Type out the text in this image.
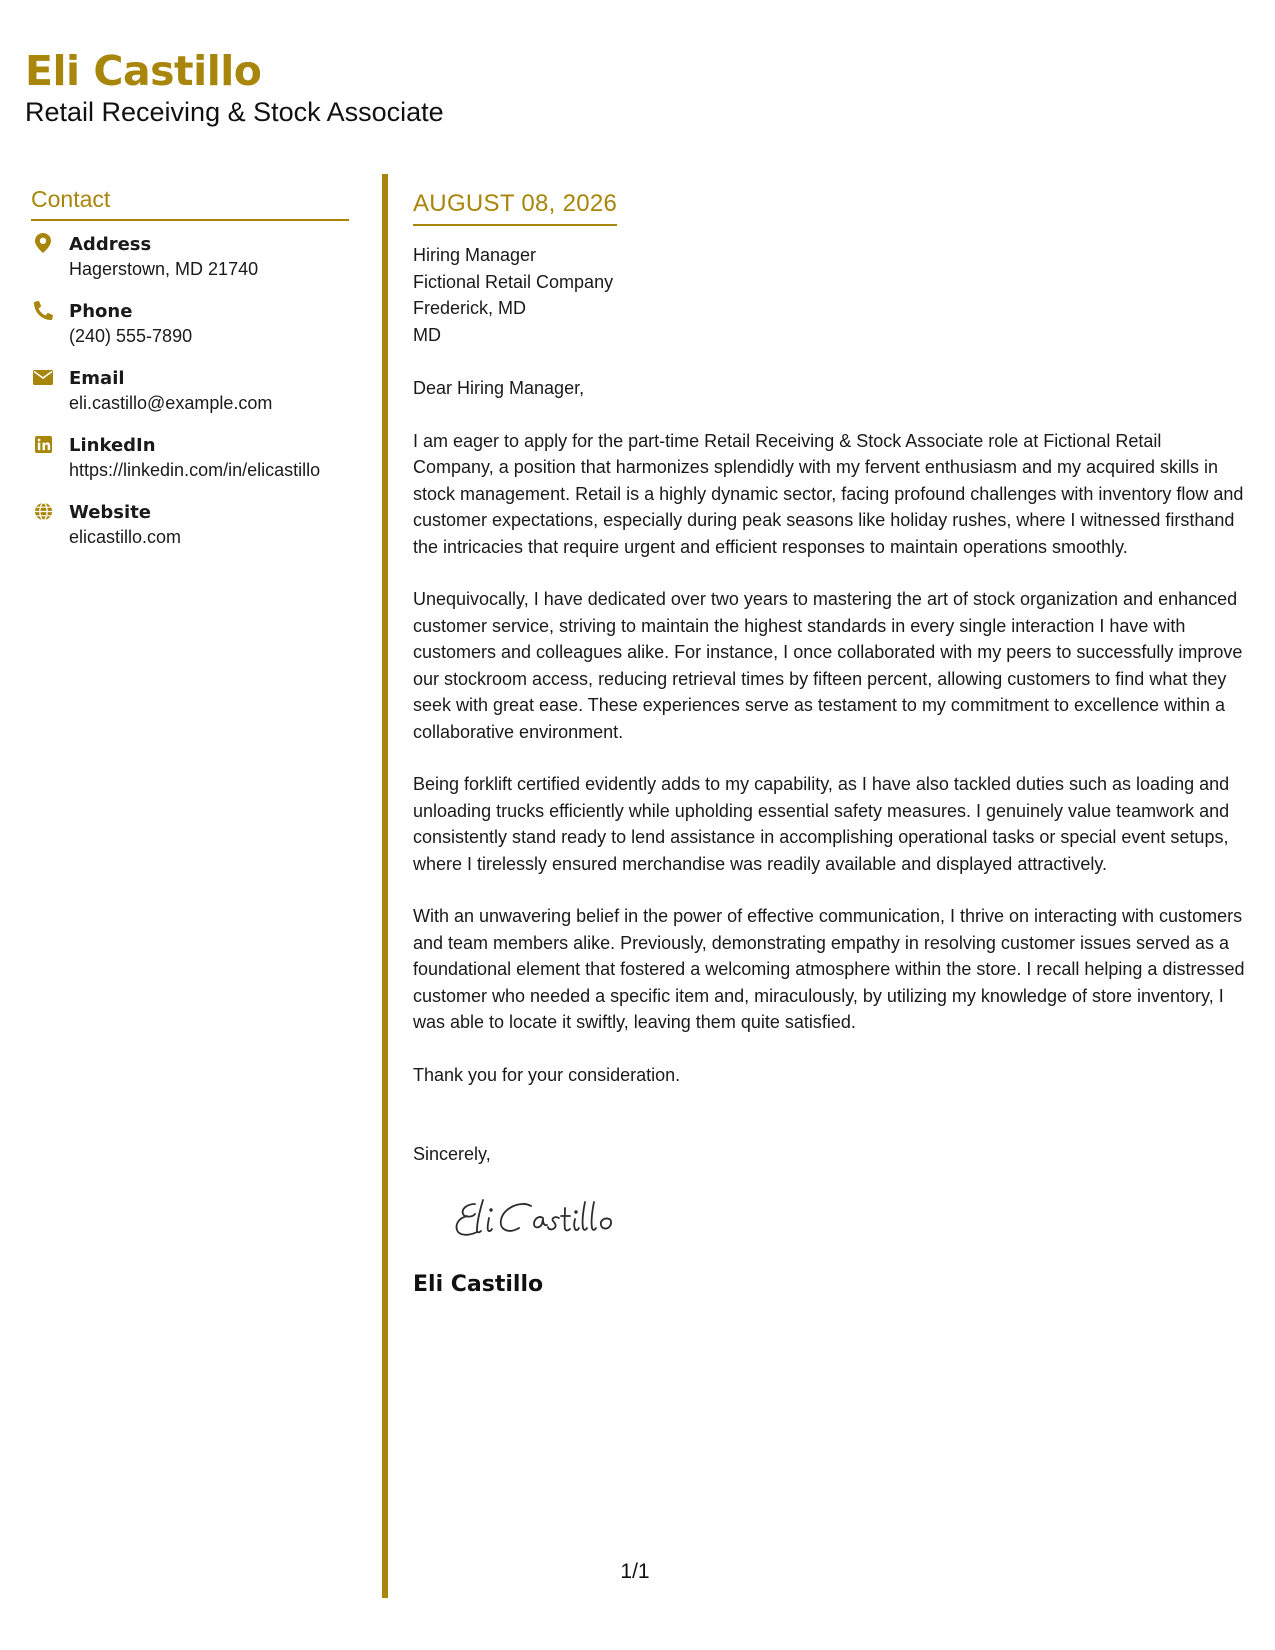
Eli Castillo
Retail Receiving & Stock Associate
Contact
Address
Hagerstown, MD 21740
Phone
(240) 555-7890
Email
eli.castillo@example.com
LinkedIn
https://linkedin.com/in/elicastillo
Website
elicastillo.com
AUGUST 08, 2026
Hiring Manager
Fictional Retail Company
Frederick, MD
MD
Dear Hiring Manager,
I am eager to apply for the part-time Retail Receiving & Stock Associate role at Fictional Retail Company, a position that harmonizes splendidly with my fervent enthusiasm and my acquired skills in stock management. Retail is a highly dynamic sector, facing profound challenges with inventory flow and customer expectations, especially during peak seasons like holiday rushes, where I witnessed firsthand the intricacies that require urgent and efficient responses to maintain operations smoothly.
Unequivocally, I have dedicated over two years to mastering the art of stock organization and enhanced customer service, striving to maintain the highest standards in every single interaction I have with customers and colleagues alike. For instance, I once collaborated with my peers to successfully improve our stockroom access, reducing retrieval times by fifteen percent, allowing customers to find what they seek with great ease. These experiences serve as testament to my commitment to excellence within a collaborative environment.
Being forklift certified evidently adds to my capability, as I have also tackled duties such as loading and unloading trucks efficiently while upholding essential safety measures. I genuinely value teamwork and consistently stand ready to lend assistance in accomplishing operational tasks or special event setups, where I tirelessly ensured merchandise was readily available and displayed attractively.
With an unwavering belief in the power of effective communication, I thrive on interacting with customers and team members alike. Previously, demonstrating empathy in resolving customer issues served as a foundational element that fostered a welcoming atmosphere within the store. I recall helping a distressed customer who needed a specific item and, miraculously, by utilizing my knowledge of store inventory, I was able to locate it swiftly, leaving them quite satisfied.
Thank you for your consideration.
Sincerely,
Eli Castillo
1/1
